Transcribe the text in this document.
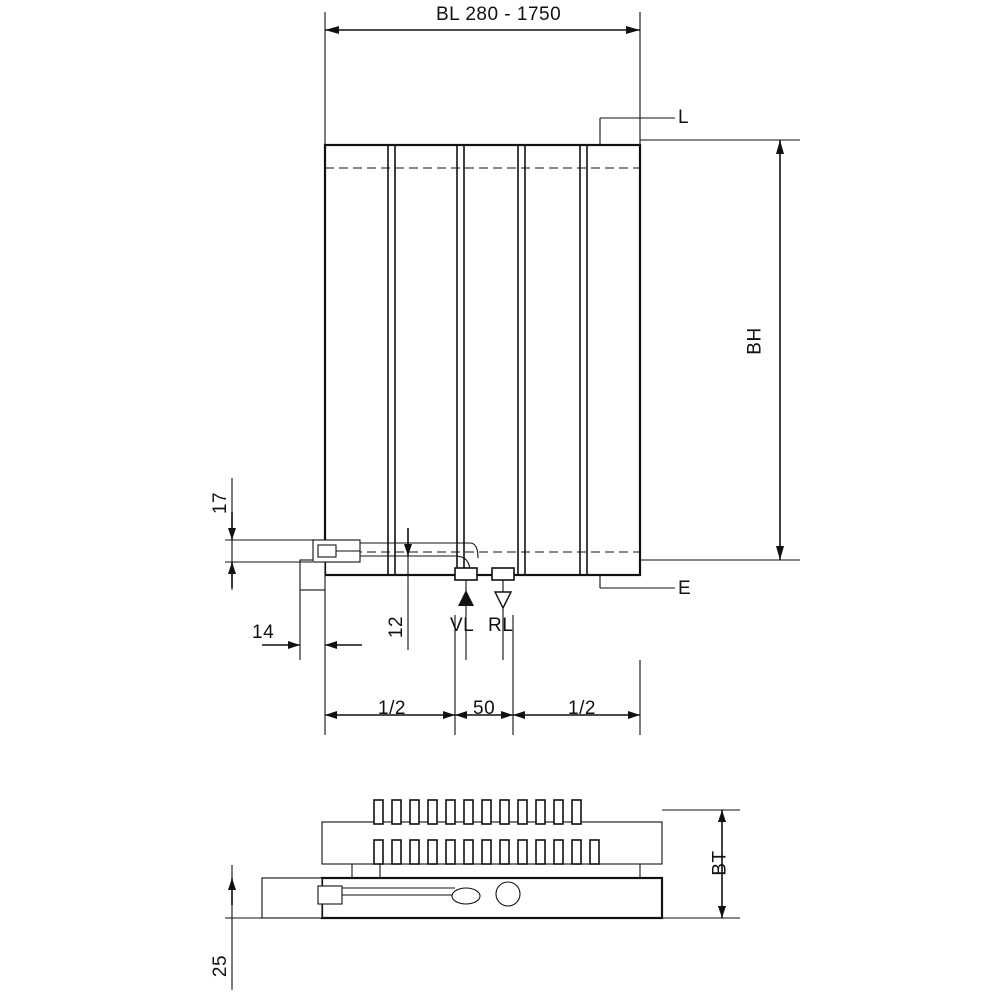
BL 280 - 1750
L
E
BH
BT
17
14	12
25
1/2	50	1/2
VL RL
